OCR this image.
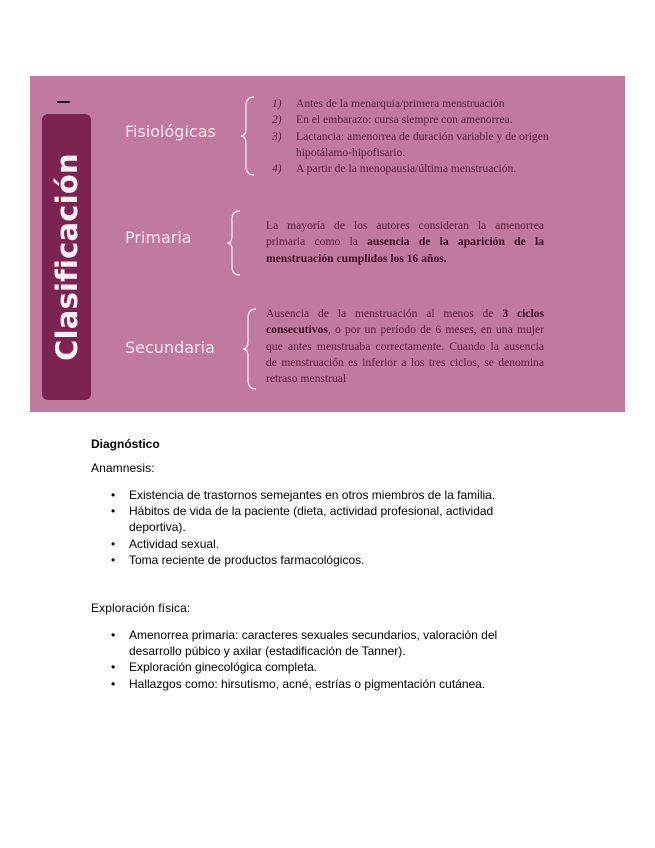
Clasificación
Fisiológicas
1) Antes de la menarquia/primera menstruación
2) En el embarazo: cursa siempre con amenorrea.
3) Lactancia: amenorrea de duración variable y de origen hipotálamo-hipofisario.
4) A partir de la menopausia/última menstruación.
Primaria

La mayoría de los autores consideran la amenorrea primaria como la ausencia de la aparición de la menstruación cumplidos los 16 años.

Secundaria

Ausencia de la menstruación al menos de 3 ciclos consecutivos, o por un período de 6 meses, en una mujer que antes menstruaba correctamente. Cuando la ausencia de menstruación es inferior a los tres ciclos, se denomina retraso menstrual

Diagnóstico
Anamnesis:
• Existencia de trastornos semejantes en otros miembros de la familia.
• Hábitos de vida de la paciente (dieta, actividad profesional, actividad deportiva).
• Actividad sexual.
• Toma reciente de productos farmacológicos.
Exploración física:
• Amenorrea primaria: caracteres sexuales secundarios, valoración del desarrollo púbico y axilar (estadificación de Tanner).
• Exploración ginecológica completa.
• Hallazgos como: hirsutismo, acné, estrías o pigmentación cutánea.
